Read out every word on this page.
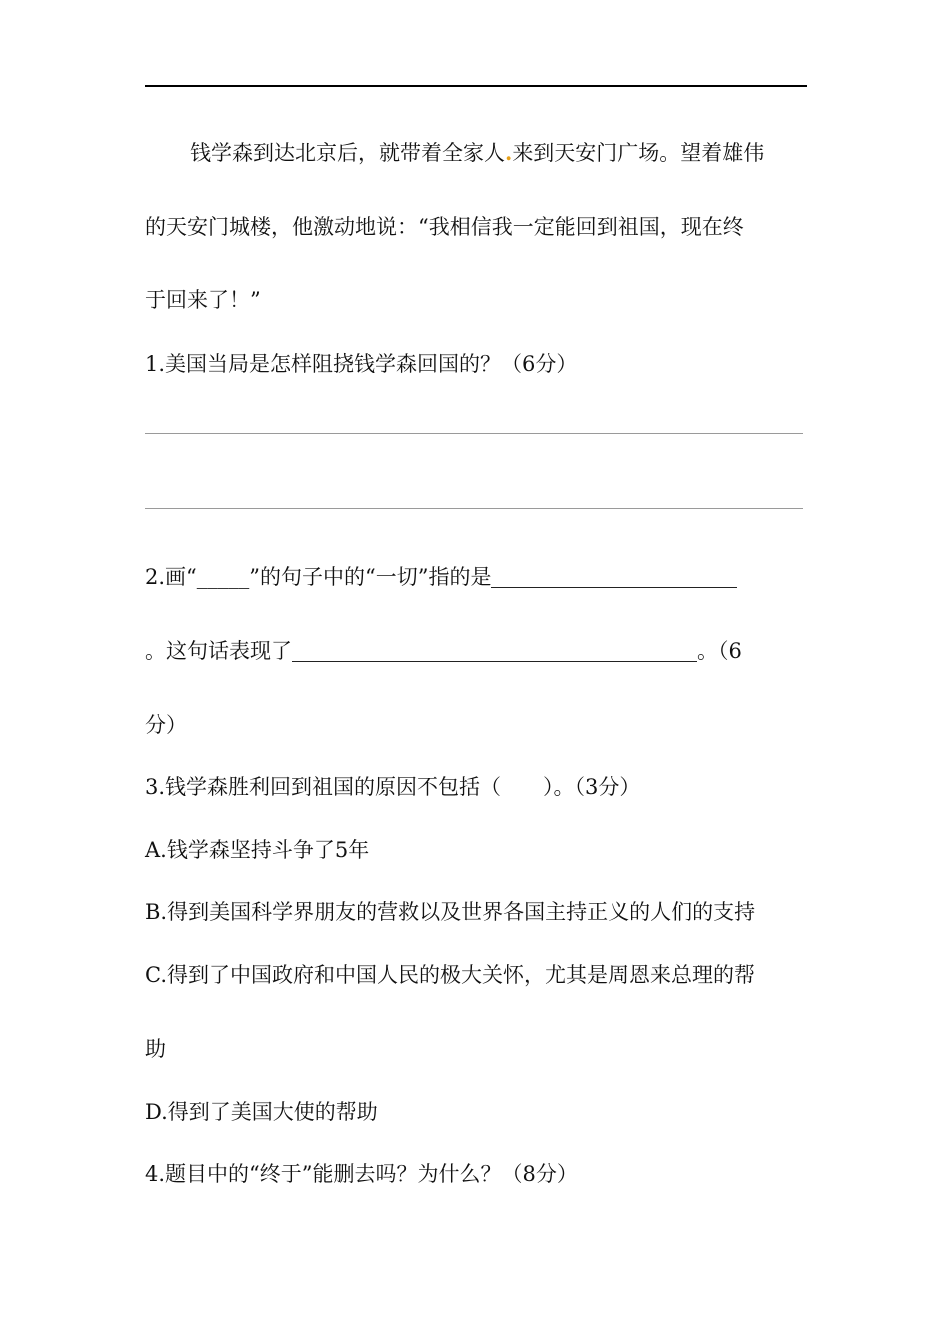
钱学森到达北京后，就带着全家人.来到天安门广场。望着雄伟
的天安门城楼，他激动地说：“我相信我一定能回到祖国，现在终
于回来了！”
1.美国当局是怎样阻挠钱学森回国的？（6分）
2.画“_____”的句子中的“一切”指的是
。这句话表现了	。（6
分）
3.钱学森胜利回到祖国的原因不包括（　　）。（3分）
A.钱学森坚持斗争了5年
B.得到美国科学界朋友的营救以及世界各国主持正义的人们的支持
C.得到了中国政府和中国人民的极大关怀，尤其是周恩来总理的帮
助
D.得到了美国大使的帮助
4.题目中的“终于”能删去吗？为什么？（8分）
